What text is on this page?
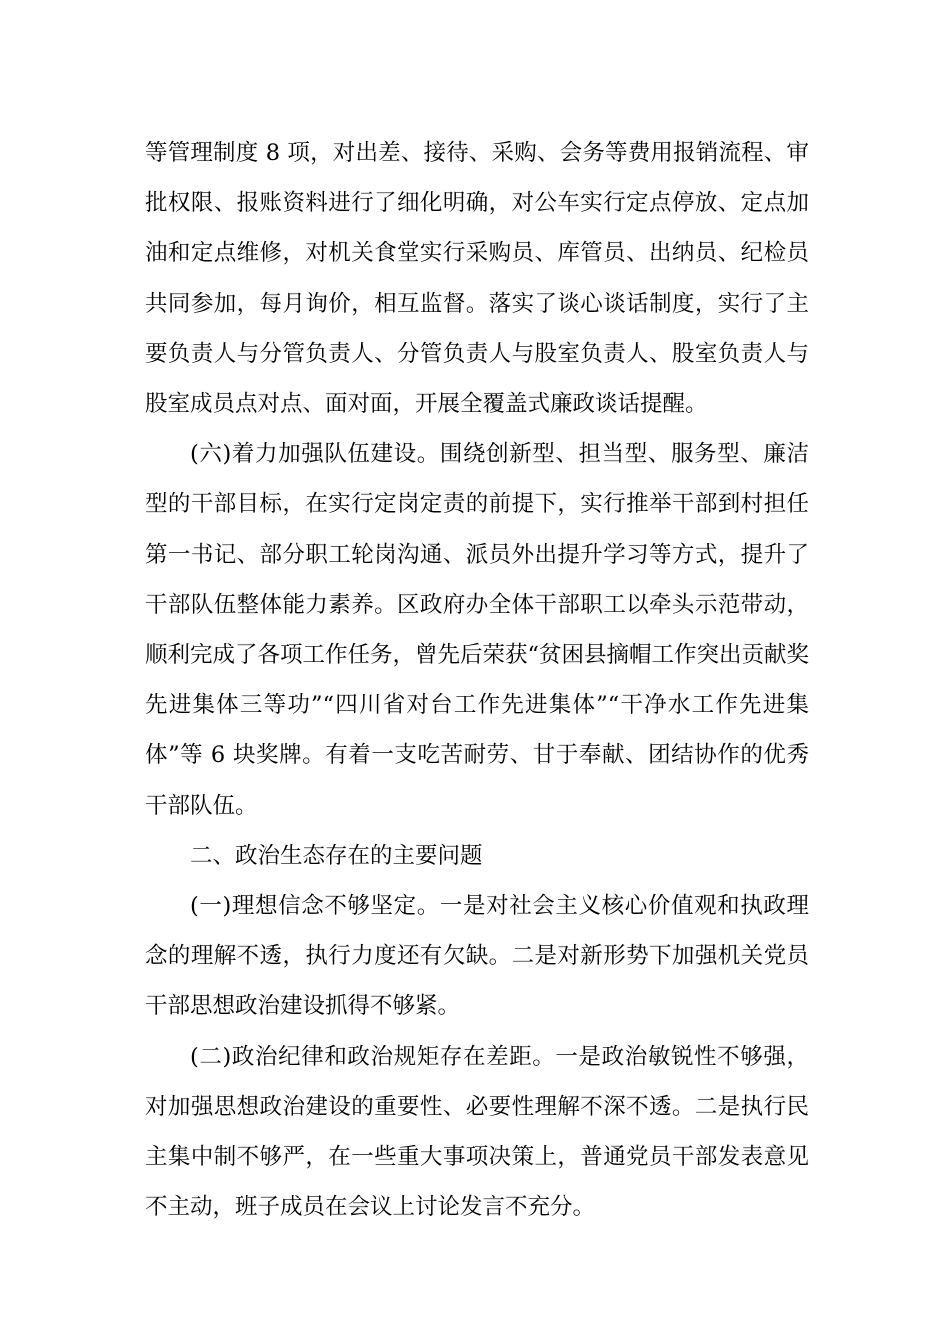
等管理制度 8 项，对出差、接待、采购、会务等费用报销流程、审批权限、报账资料进行了细化明确，对公车实行定点停放、定点加油和定点维修，对机关食堂实行采购员、库管员、出纳员、纪检员共同参加，每月询价，相互监督。落实了谈心谈话制度，实行了主要负责人与分管负责人、分管负责人与股室负责人、股室负责人与股室成员点对点、面对面，开展全覆盖式廉政谈话提醒。

(六)着力加强队伍建设。围绕创新型、担当型、服务型、廉洁型的干部目标，在实行定岗定责的前提下，实行推举干部到村担任第一书记、部分职工轮岗沟通、派员外出提升学习等方式，提升了干部队伍整体能力素养。区政府办全体干部职工以牵头示范带动，顺利完成了各项工作任务，曾先后荣获“贫困县摘帽工作突出贡献奖先进集体三等功”“四川省对台工作先进集体”“干净水工作先进集体”等 6 块奖牌。有着一支吃苦耐劳、甘于奉献、团结协作的优秀干部队伍。

二、政治生态存在的主要问题

(一)理想信念不够坚定。一是对社会主义核心价值观和执政理念的理解不透，执行力度还有欠缺。二是对新形势下加强机关党员干部思想政治建设抓得不够紧。

(二)政治纪律和政治规矩存在差距。一是政治敏锐性不够强，对加强思想政治建设的重要性、必要性理解不深不透。二是执行民主集中制不够严，在一些重大事项决策上，普通党员干部发表意见不主动，班子成员在会议上讨论发言不充分。
